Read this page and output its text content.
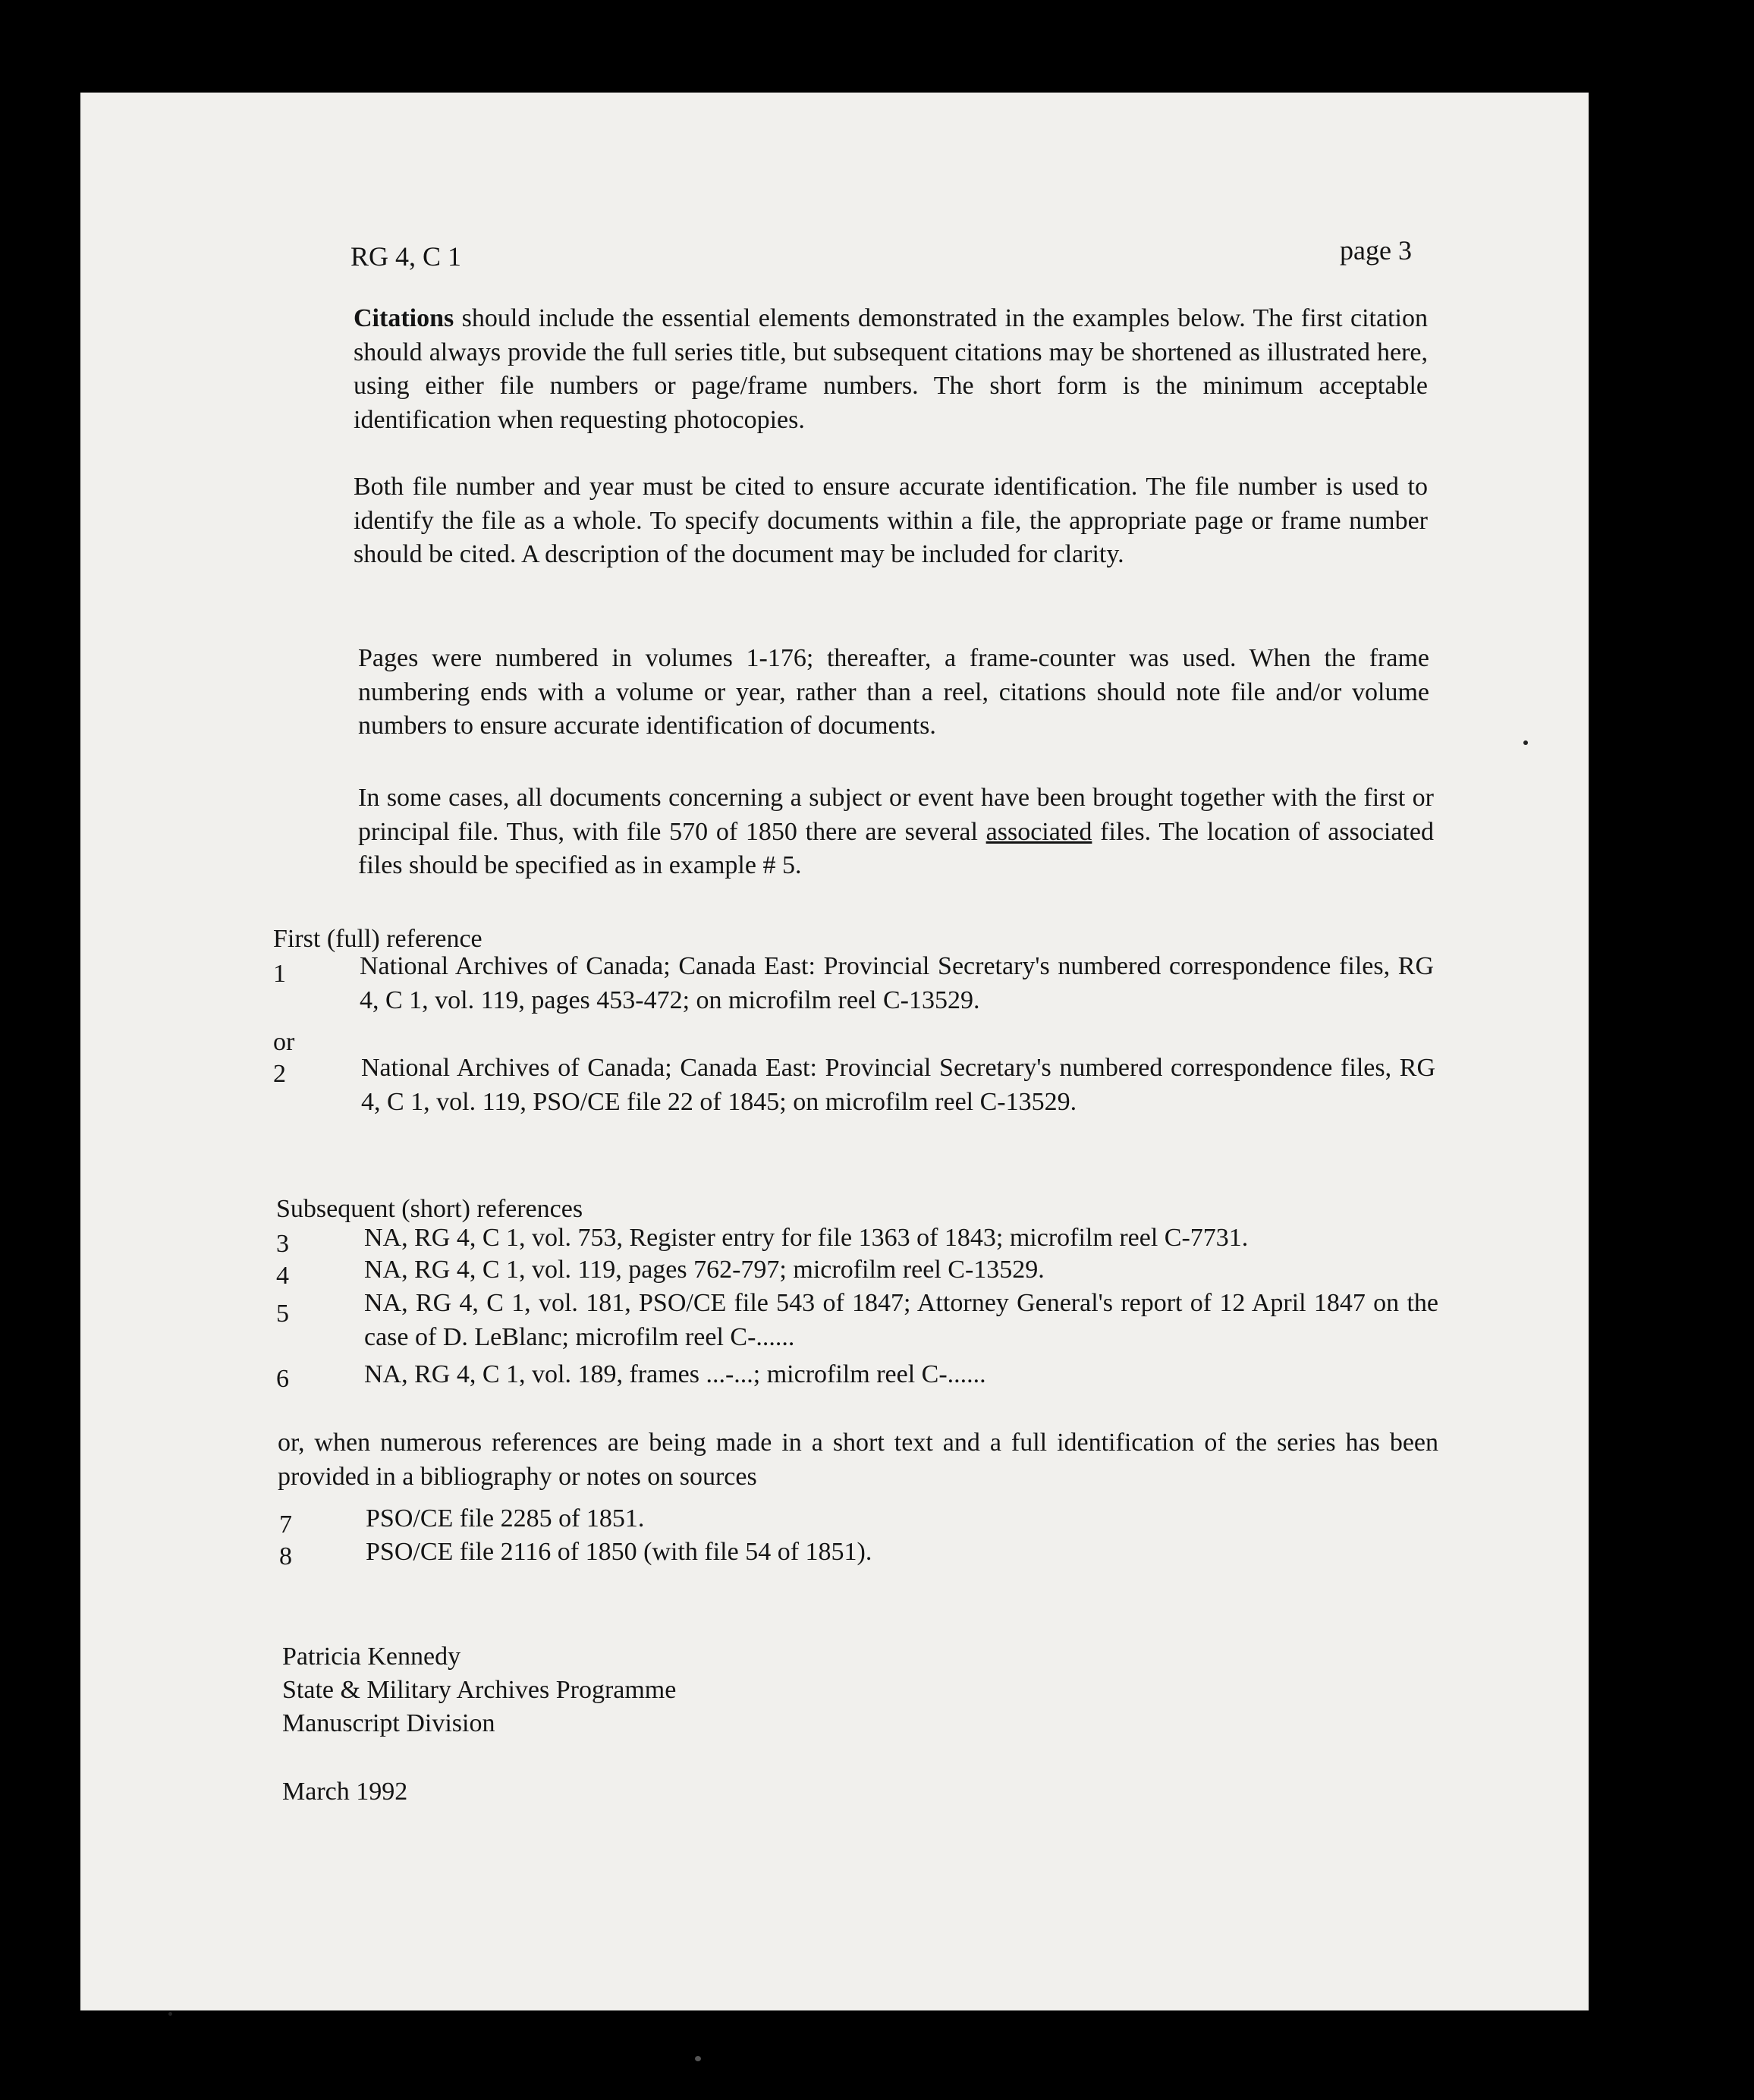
RG 4, C 1	page 3
Citations should include the essential elements demonstrated in the examples below. The first citation should always provide the full series title, but subsequent citations may be shortened as illustrated here, using either file numbers or page/frame numbers. The short form is the minimum acceptable identification when requesting photocopies.
Both file number and year must be cited to ensure accurate identification. The file number is used to identify the file as a whole. To specify documents within a file, the appropriate page or frame number should be cited. A description of the document may be included for clarity.
Pages were numbered in volumes 1-176; thereafter, a frame-counter was used. When the frame numbering ends with a volume or year, rather than a reel, citations should note file and/or volume numbers to ensure accurate identification of documents.
In some cases, all documents concerning a subject or event have been brought together with the first or principal file. Thus, with file 570 of 1850 there are several associated files. The location of associated files should be specified as in example # 5.
First (full) reference
1	National Archives of Canada; Canada East: Provincial Secretary's numbered correspondence files, RG 4, C 1, vol. 119, pages 453-472; on microfilm reel C-13529.
or
2	National Archives of Canada; Canada East: Provincial Secretary's numbered correspondence files, RG 4, C 1, vol. 119, PSO/CE file 22 of 1845; on microfilm reel C-13529.
Subsequent (short) references
3	NA, RG 4, C 1, vol. 753, Register entry for file 1363 of 1843; microfilm reel C-7731.
4	NA, RG 4, C 1, vol. 119, pages 762-797; microfilm reel C-13529.
5	NA, RG 4, C 1, vol. 181, PSO/CE file 543 of 1847; Attorney General's report of 12 April 1847 on the case of D. LeBlanc; microfilm reel C-......
6	NA, RG 4, C 1, vol. 189, frames ...-...; microfilm reel C-......
or, when numerous references are being made in a short text and a full identification of the series has been provided in a bibliography or notes on sources
7	PSO/CE file 2285 of 1851.
8	PSO/CE file 2116 of 1850 (with file 54 of 1851).
Patricia Kennedy
State & Military Archives Programme
Manuscript Division
March 1992
